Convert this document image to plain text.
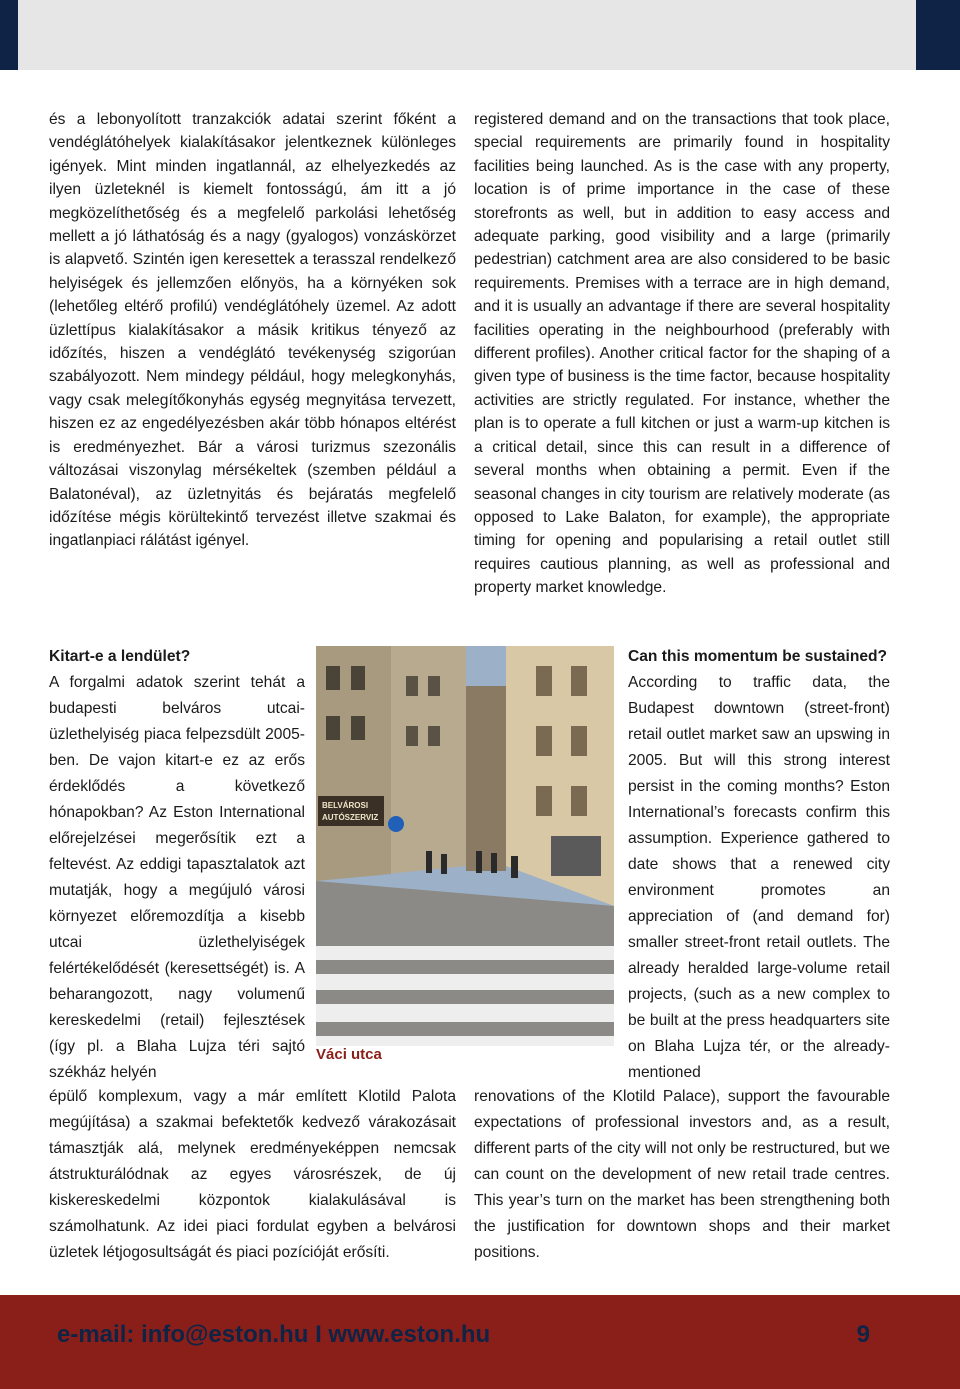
és a lebonyolított tranzakciók adatai szerint főként a vendéglátóhelyek kialakításakor jelentkeznek különleges igények. Mint minden ingatlannál, az elhelyezkedés az ilyen üzleteknél is kiemelt fontosságú, ám itt a jó megközelíthetőség és a megfelelő parkolási lehetőség mellett a jó láthatóság és a nagy (gyalogos) vonzáskörzet is alapvető. Szintén igen keresettek a terasszal rendelkező helyiségek és jellemzően előnyös, ha a környéken sok (lehetőleg eltérő profilú) vendéglátóhely üzemel. Az adott üzlettípus kialakításakor a másik kritikus tényező az időzítés, hiszen a vendéglátó tevékenység szigorúan szabályozott. Nem mindegy például, hogy melegkonyhás, vagy csak melegítőkonyhás egység megnyitása tervezett, hiszen ez az engedélyezésben akár több hónapos eltérést is eredményezhet. Bár a városi turizmus szezonális változásai viszonylag mérsékeltek (szemben például a Balatonéval), az üzletnyitás és bejáratás megfelelő időzítése mégis körültekintő tervezést illetve szakmai és ingatlanpiaci rálátást igényel.

registered demand and on the transactions that took place, special requirements are primarily found in hospitality facilities being launched. As is the case with any property, location is of prime importance in the case of these storefronts as well, but in addition to easy access and adequate parking, good visibility and a large (primarily pedestrian) catchment area are also considered to be basic requirements. Premises with a terrace are in high demand, and it is usually an advantage if there are several hospitality facilities operating in the neighbourhood (preferably with different profiles). Another critical factor for the shaping of a given type of business is the time factor, because hospitality activities are strictly regulated. For instance, whether the plan is to operate a full kitchen or just a warm-up kitchen is a critical detail, since this can result in a difference of several months when obtaining a permit. Even if the seasonal changes in city tourism are relatively moderate (as opposed to Lake Balaton, for example), the appropriate timing for opening and popularising a retail outlet still requires cautious planning, as well as professional and property market knowledge.

Kitart-e a lendület?

A forgalmi adatok szerint tehát a budapesti belváros utcai-üzlethelyiség piaca felpezsdült 2005-ben. De vajon kitart-e ez az erős érdeklődés a következő hónapokban? Az Eston International előrejelzései megerősítik ezt a feltevést. Az eddigi tapasztalatok azt mutatják, hogy a megújuló városi környezet előremozdítja a kisebb utcai üzlethelyiségek felértékelődését (keresettségét) is. A beharangozott, nagy volumenű kereskedelmi (retail) fejlesztések (így pl. a Blaha Lujza téri sajtó székház helyén

Can this momentum be sustained?

According to traffic data, the Budapest downtown (street-front) retail outlet market saw an upswing in 2005. But will this strong interest persist in the coming months? Eston International’s forecasts confirm this assumption. Experience gathered to date shows that a renewed city environment promotes an appreciation of (and demand for) smaller street-front retail outlets. The already heralded large-volume retail projects, (such as a new complex to be built at the press headquarters site on Blaha Lujza tér, or the already-mentioned

BELVÁROSI
AUTÓSZERVIZ
Váci utca

épülő komplexum, vagy a már említett Klotild Palota megújítása) a szakmai befektetők kedvező várakozásait támasztják alá, melynek eredményeképpen nemcsak átstrukturálódnak az egyes városrészek, de új kiskereskedelmi központok kialakulásával is számolhatunk. Az idei piaci fordulat egyben a belvárosi üzletek létjogosultságát és piaci pozícióját erősíti.

renovations of the Klotild Palace), support the favourable expectations of professional investors and, as a result, different parts of the city will not only be restructured, but we can count on the development of new retail trade centres. This year’s turn on the market has been strengthening both the justification for downtown shops and their market positions.

e-mail: info@eston.hu I www.eston.hu	9
